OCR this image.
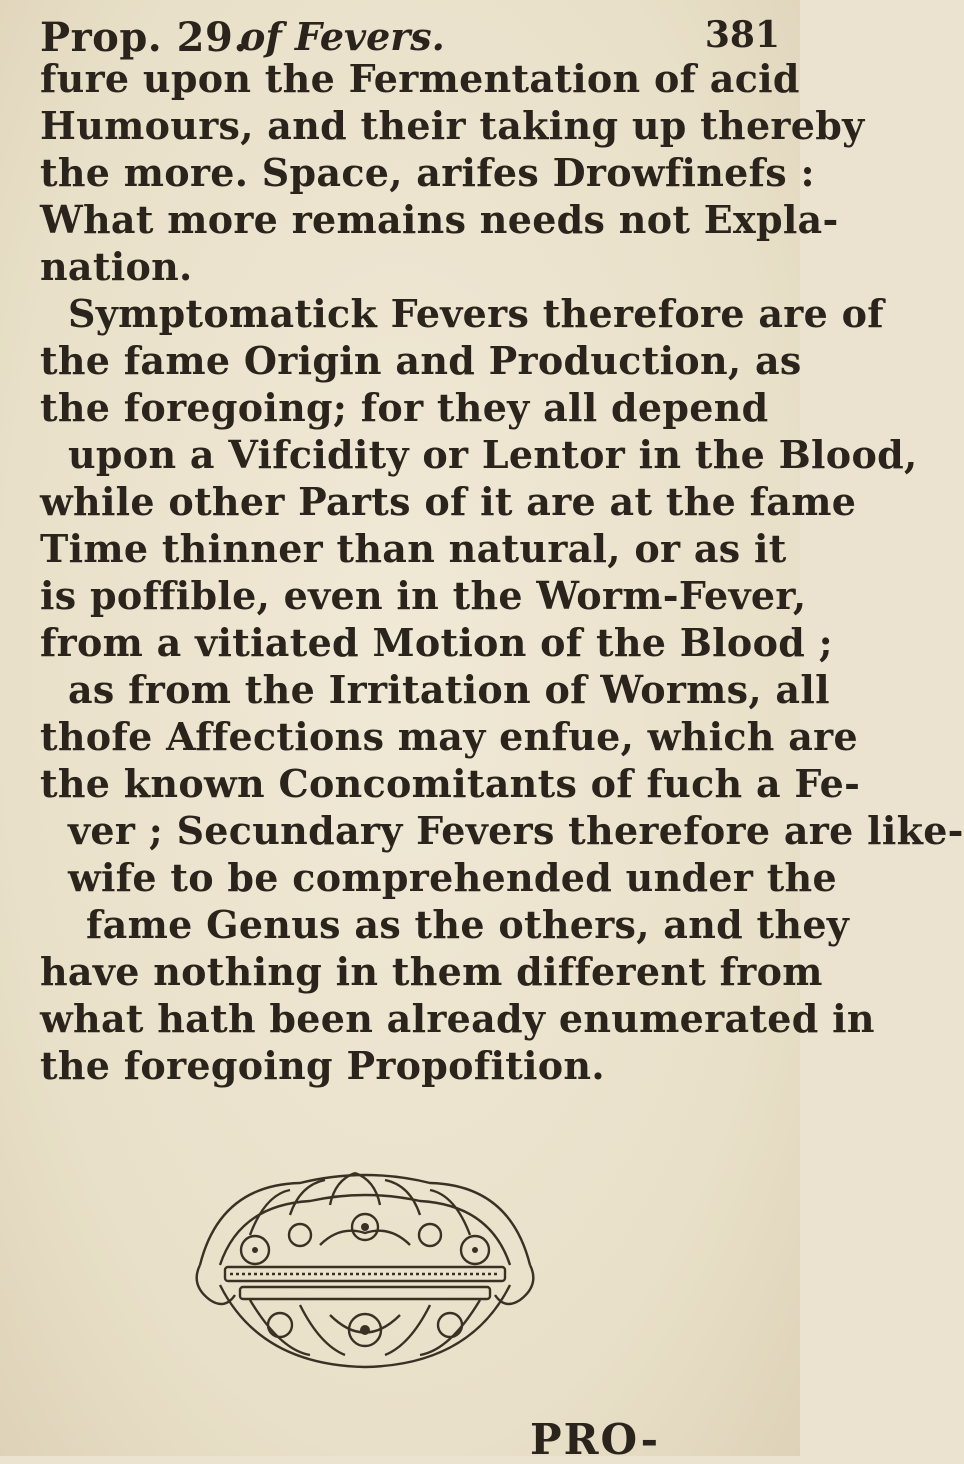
Prop. 29.
of Fevers.	381
fure upon the Fermentation of acid
Humours, and their taking up thereby
the more. Space, arifes Drowfinefs :
What more remains needs not Expla-
nation.
Symptomatick Fevers therefore are of
the fame Origin and Production, as
the foregoing; for they all depend
upon a Vifcidity or Lentor in the Blood,
while other Parts of it are at the fame
Time thinner than natural, or as it
is poffible, even in the Worm-Fever,
from a vitiated Motion of the Blood ;
as from the Irritation of Worms, all
thofe Affections may enfue, which are
the known Concomitants of fuch a Fe-
ver ; Secundary Fevers therefore are like-
wife to be comprehended under the
fame Genus as the others, and they
have nothing in them different from
what hath been already enumerated in
the foregoing Propofition.
PRO-
